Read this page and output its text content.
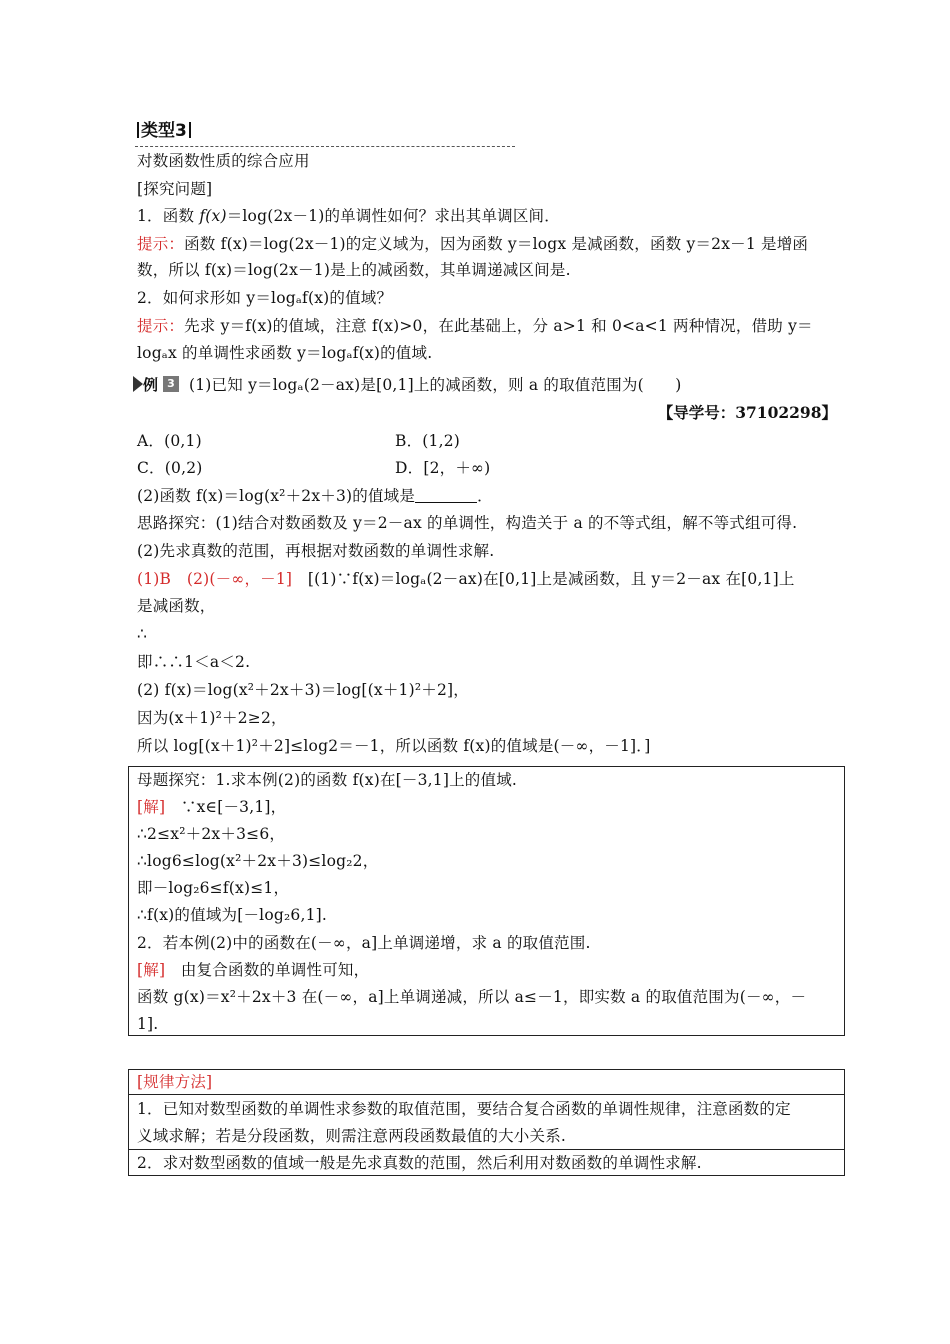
类型3
对数函数性质的综合应用
[探究问题]
1．函数 f(x)＝log(2x－1)的单调性如何？求出其单调区间．
提示：函数 f(x)＝log(2x－1)的定义域为，因为函数 y＝logx 是减函数，函数 y＝2x－1 是增函
数，所以 f(x)＝log(2x－1)是上的减函数，其单调递减区间是.
2．如何求形如 y＝logₐf(x)的值域？
提示：先求 y＝f(x)的值域，注意 f(x)>0，在此基础上，分 a>1 和 0<a<1 两种情况，借助 y＝
logₐx 的单调性求函数 y＝logₐf(x)的值域.
例 3 (1)已知 y＝logₐ(2－ax)是[0,1]上的减函数，则 a 的取值范围为(　　)
【导学号：37102298】
A．(0,1)	B．(1,2)
C．(0,2)	D．[2，＋∞)
(2)函数 f(x)＝log(x²＋2x＋3)的值域是	．
思路探究：(1)结合对数函数及 y＝2－ax 的单调性，构造关于 a 的不等式组，解不等式组可得.
(2)先求真数的范围，再根据对数函数的单调性求解.
(1)B　(2)(－∞，－1]　[(1)∵f(x)＝logₐ(2－ax)在[0,1]上是减函数，且 y＝2－ax 在[0,1]上
是减函数，
∴
即∴∴1＜a＜2.
(2) f(x)＝log(x²＋2x＋3)＝log[(x＋1)²＋2]，
因为(x＋1)²＋2≥2，
所以 log[(x＋1)²＋2]≤log2＝－1，所以函数 f(x)的值域是(－∞，－1]．]
母题探究：1.求本例(2)的函数 f(x)在[－3,1]上的值域.
[解]　∵x∈[－3,1]，
∴2≤x²＋2x＋3≤6，
∴log6≤log(x²＋2x＋3)≤log₂2，
即－log₂6≤f(x)≤1，
∴f(x)的值域为[－log₂6,1].
2．若本例(2)中的函数在(－∞，a]上单调递增，求 a 的取值范围.
[解]　由复合函数的单调性可知，
函数 g(x)＝x²＋2x＋3 在(－∞，a]上单调递减，所以 a≤－1，即实数 a 的取值范围为(－∞，－
1].
[规律方法]
1．已知对数型函数的单调性求参数的取值范围，要结合复合函数的单调性规律，注意函数的定
义域求解；若是分段函数，则需注意两段函数最值的大小关系.
2．求对数型函数的值域一般是先求真数的范围，然后利用对数函数的单调性求解.
